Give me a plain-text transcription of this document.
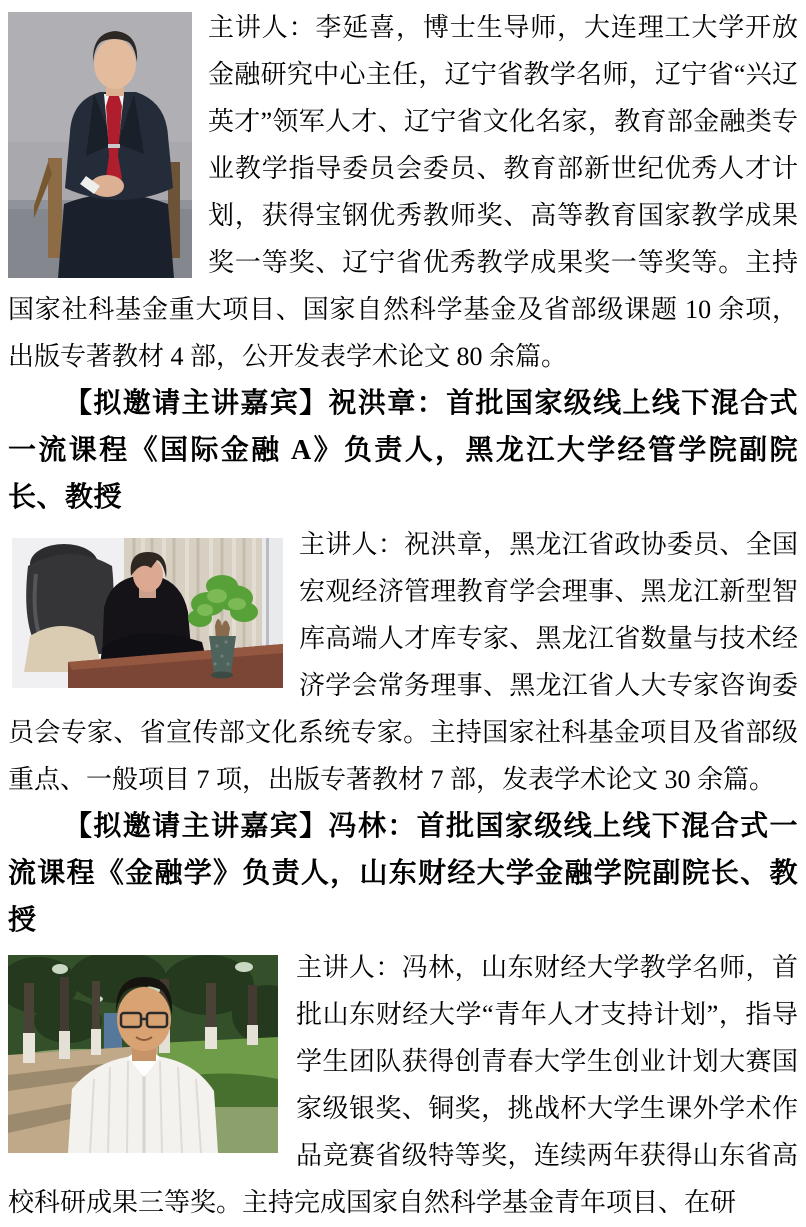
主讲人：李延喜，博士生导师，大连理工大学开放金融研究中心主任，辽宁省教学名师，辽宁省“兴辽英才”领军人才、辽宁省文化名家，教育部金融类专业教学指导委员会委员、教育部新世纪优秀人才计划，获得宝钢优秀教师奖、高等教育国家教学成果奖一等奖、辽宁省优秀教学成果奖一等奖等。主持国家社科基金重大项目、国家自然科学基金及省部级课题 10 余项，出版专著教材 4 部，公开发表学术论文 80 余篇。

【拟邀请主讲嘉宾】祝洪章：首批国家级线上线下混合式一流课程《国际金融 A》负责人，黑龙江大学经管学院副院长、教授

主讲人：祝洪章，黑龙江省政协委员、全国宏观经济管理教育学会理事、黑龙江新型智库高端人才库专家、黑龙江省数量与技术经济学会常务理事、黑龙江省人大专家咨询委员会专家、省宣传部文化系统专家。主持国家社科基金项目及省部级重点、一般项目 7 项，出版专著教材 7 部，发表学术论文 30 余篇。

【拟邀请主讲嘉宾】冯林：首批国家级线上线下混合式一流课程《金融学》负责人，山东财经大学金融学院副院长、教授

主讲人：冯林，山东财经大学教学名师，首批山东财经大学“青年人才支持计划”，指导学生团队获得创青春大学生创业计划大赛国家级银奖、铜奖，挑战杯大学生课外学术作品竞赛省级特等奖，连续两年获得山东省高校科研成果三等奖。主持完成国家自然科学基金青年项目、在研
